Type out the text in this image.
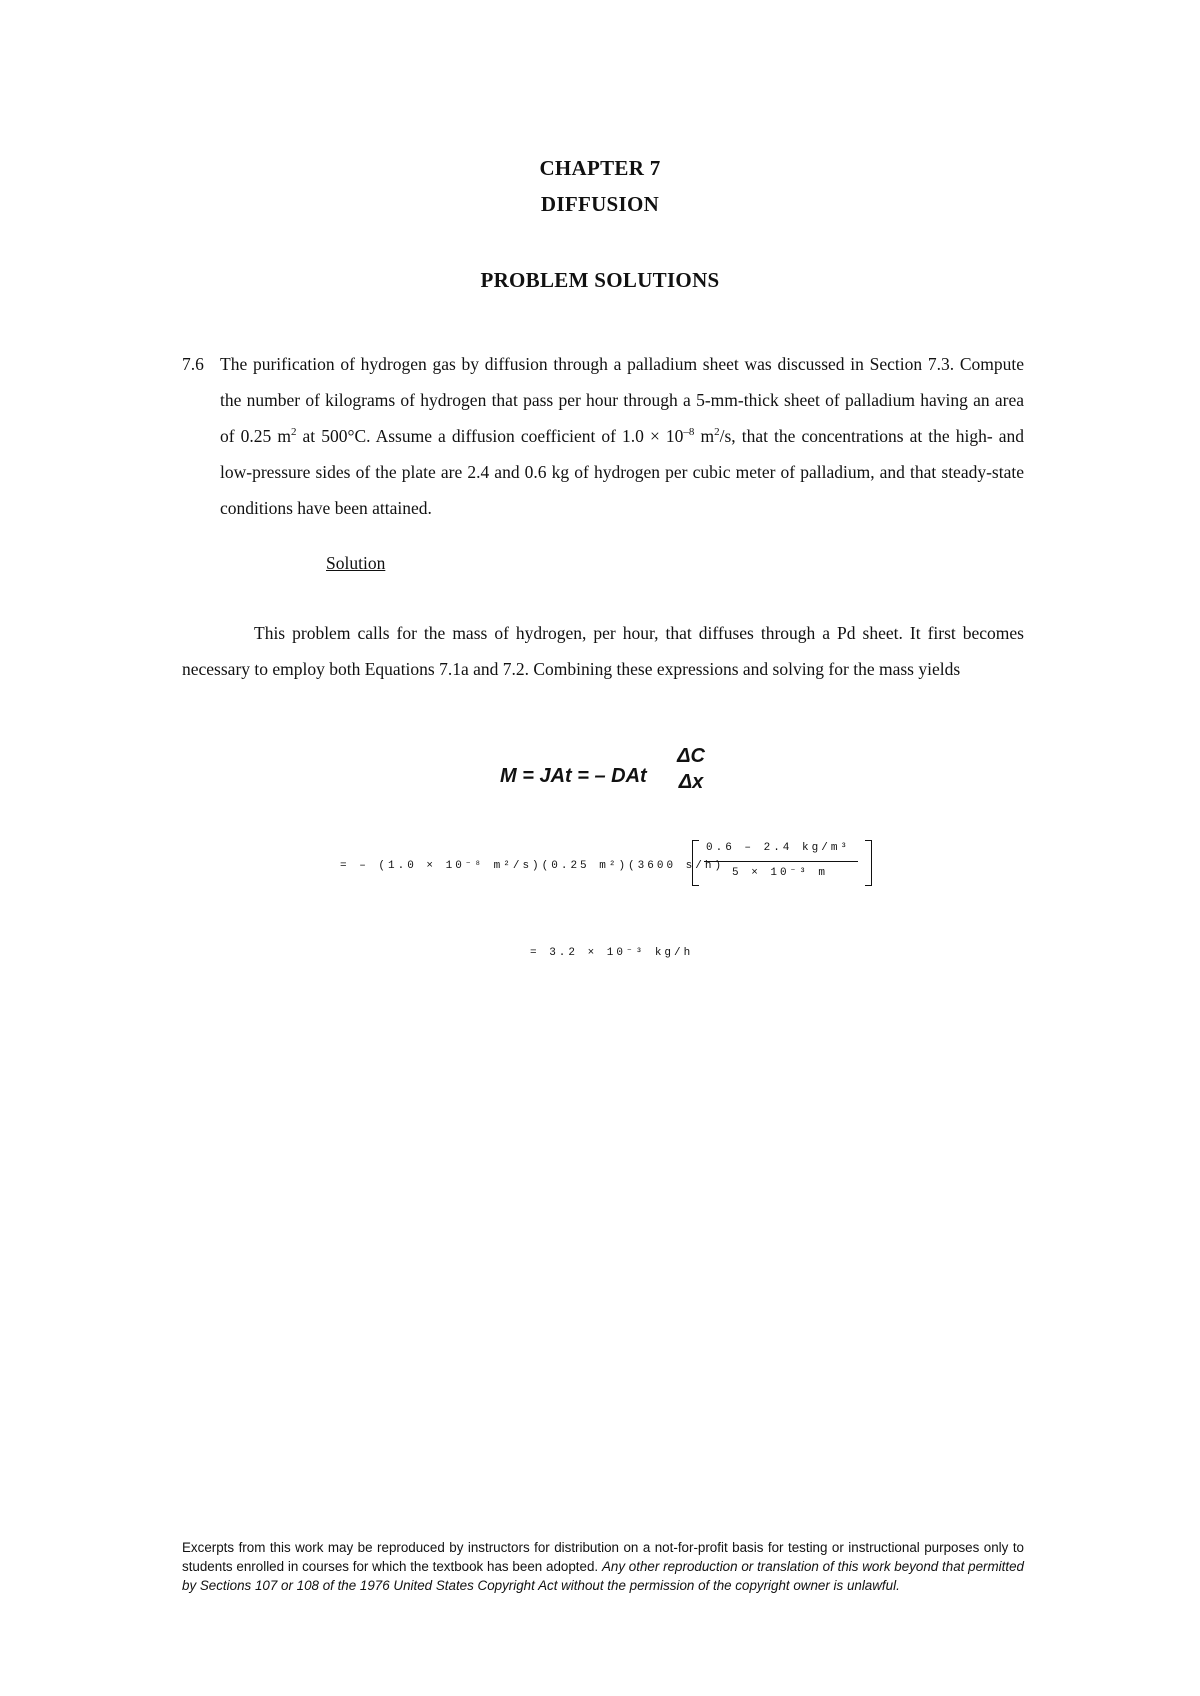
CHAPTER 7
DIFFUSION
PROBLEM SOLUTIONS
7.6 The purification of hydrogen gas by diffusion through a palladium sheet was discussed in Section 7.3. Compute the number of kilograms of hydrogen that pass per hour through a 5-mm-thick sheet of palladium having an area of 0.25 $m^2$ at 500°C. Assume a diffusion coefficient of $1.0 \times 10^{-8}$ $m^2/s$, that the concentrations at the high- and low-pressure sides of the plate are 2.4 and 0.6 kg of hydrogen per cubic meter of palladium, and that steady-state conditions have been attained.
Solution
This problem calls for the mass of hydrogen, per hour, that diffuses through a Pd sheet. It first becomes necessary to employ both Equations 7.1a and 7.2. Combining these expressions and solving for the mass yields
M = JAt = – DAt
ΔC
Δx
= – (1.0 × 10⁻⁸ m²/s)(0.25 m²)(3600 s/h)
0.6 – 2.4 kg/m³
5 × 10⁻³ m
= 3.2 × 10⁻³ kg/h
Excerpts from this work may be reproduced by instructors for distribution on a not-for-profit basis for testing or instructional purposes only to students enrolled in courses for which the textbook has been adopted. Any other reproduction or translation of this work beyond that permitted by Sections 107 or 108 of the 1976 United States Copyright Act without the permission of the copyright owner is unlawful.
